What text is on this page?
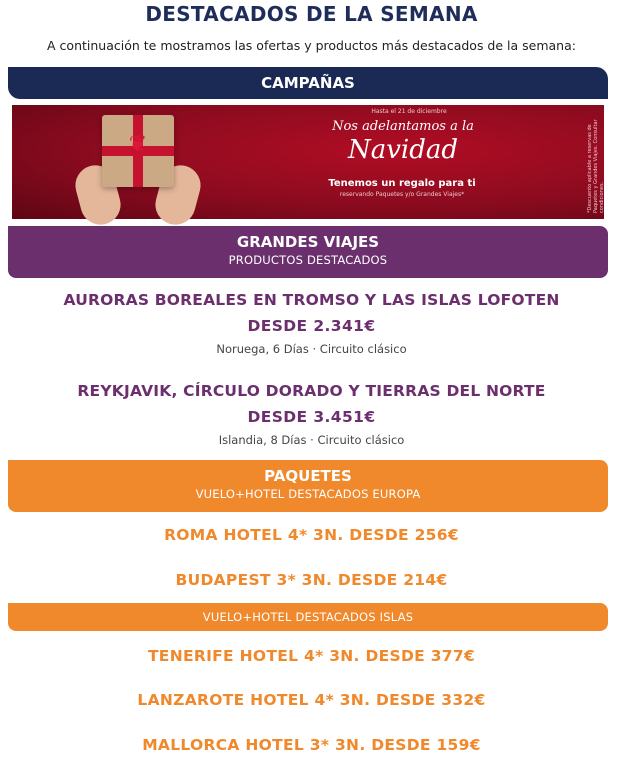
DESTACADOS DE LA SEMANA
A continuación te mostramos las ofertas y productos más destacados de la semana:
CAMPAÑAS
❦
Hasta el 21 de diciembre
Nos adelantamos a la
Navidad
Tenemos un regalo para ti
reservando Paquetes y/o Grandes Viajes*	*Descuento aplicable a reservas de Paquetes y Grandes Viajes. Consultar condiciones.
GRANDES VIAJES
PRODUCTOS DESTACADOS
AURORAS BOREALES EN TROMSO Y LAS ISLAS LOFOTEN
DESDE 2.341€
Noruega, 6 Días · Circuito clásico
REYKJAVIK, CÍRCULO DORADO Y TIERRAS DEL NORTE
DESDE 3.451€
Islandia, 8 Días · Circuito clásico
PAQUETES
VUELO+HOTEL DESTACADOS EUROPA
ROMA HOTEL 4* 3N. DESDE 256€
BUDAPEST 3* 3N. DESDE 214€
VUELO+HOTEL DESTACADOS ISLAS
TENERIFE HOTEL 4* 3N. DESDE 377€
LANZAROTE HOTEL 4* 3N. DESDE 332€
MALLORCA HOTEL 3* 3N. DESDE 159€
